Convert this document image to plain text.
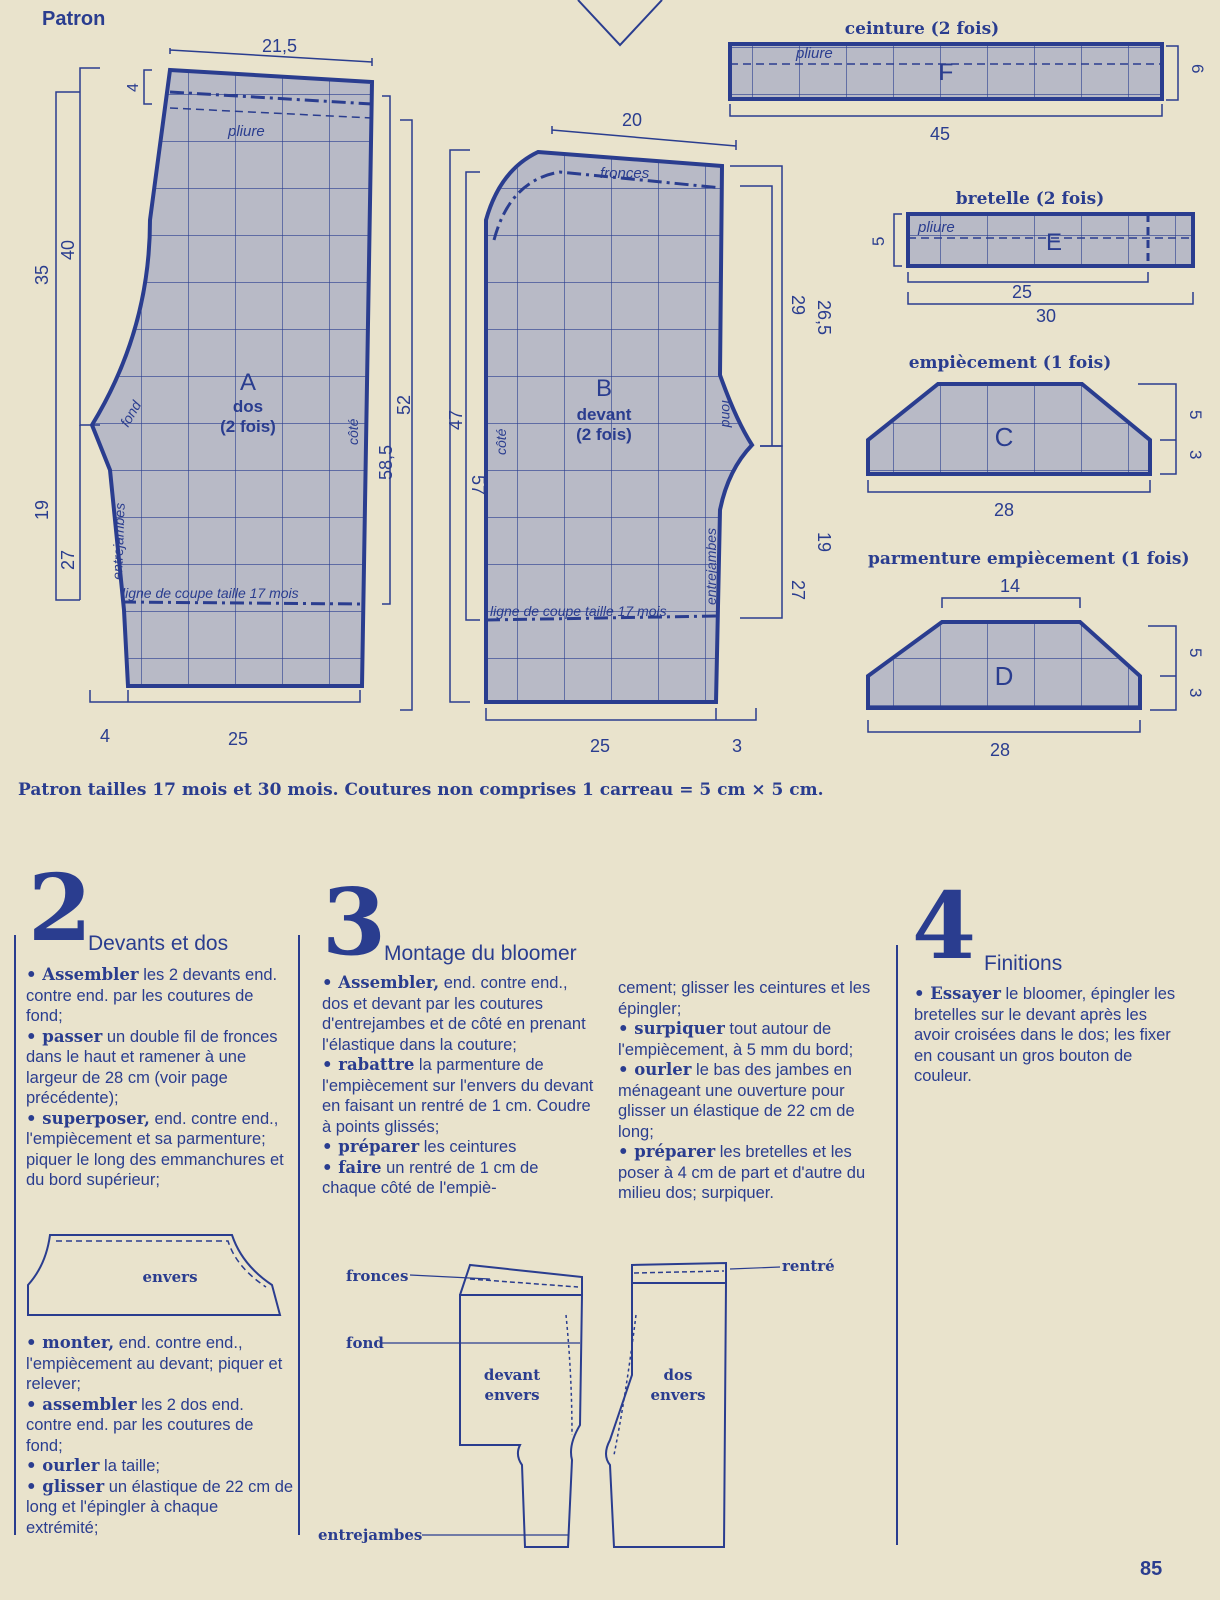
Patron
pliure
A
dos
(2 fois)
fond
côté
entrejambes
ligne de coupe taille 17 mois
21,5
4
35
40
19
27
52
58,5
4	25
fronces
B
devant
(2 fois)
côté
fond
entrejambes
ligne de coupe taille 17 mois
20
47
57
29 26,5
27
19
25	3
ceinture (2 fois)
pliure
F	6
45
bretelle (2 fois)
pliure
E
5
25
30
empiècement (1 fois)
C
5
3
28
parmenture empiècement (1 fois)
14
D
5
3
28
Patron tailles 17 mois et 30 mois. Coutures non comprises 1 carreau = 5 cm × 5 cm.
2
Devants et dos

• Assembler les 2 devants end. contre end. par les coutures de fond;

• passer un double fil de fronces dans le haut et ramener à une largeur de 28 cm (voir page précédente);

• superposer, end. contre end., l'empiècement et sa parmenture; piquer le long des emmanchures et du bord supérieur;

envers

• monter, end. contre end., l'empiècement au devant; piquer et relever;

• assembler les 2 dos end. contre end. par les coutures de fond;

• ourler la taille;

• glisser un élastique de 22 cm de long et l'épingler à chaque extrémité;

3
Montage du bloomer

• Assembler, end. contre end., dos et devant par les coutures d'entrejambes et de côté en prenant l'élastique dans la couture;

• rabattre la parmenture de l'empiècement sur l'envers du devant en faisant un rentré de 1 cm. Coudre à points glissés;

• préparer les ceintures

• faire un rentré de 1 cm de chaque côté de l'empiè-

cement; glisser les ceintures et les épingler;

• surpiquer tout autour de l'empiècement, à 5 mm du bord;

• ourler le bas des jambes en ménageant une ouverture pour glisser un élastique de 22 cm de long;

• préparer les bretelles et les poser à 4 cm de part et d'autre du milieu dos; surpiquer.

devant
envers
dos
envers
fronces
fond
entrejambes
rentré
4 Finitions

• Essayer le bloomer, épingler les bretelles sur le devant après les avoir croisées dans le dos; les fixer en cousant un gros bouton de couleur.

85
